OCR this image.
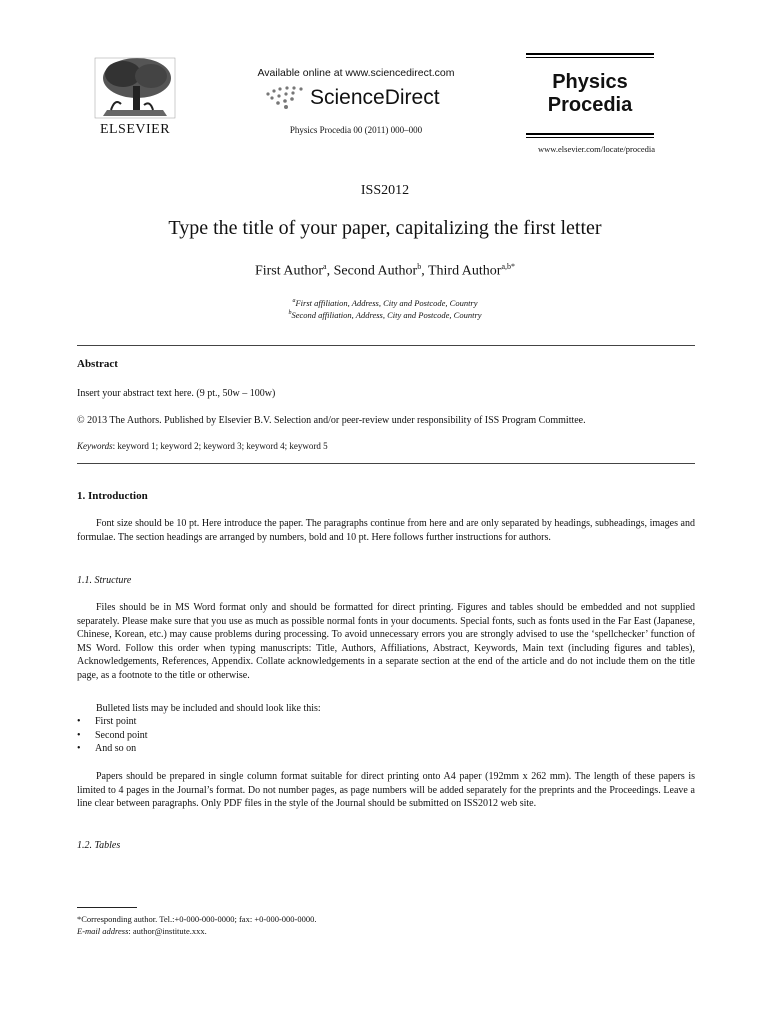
ELSEVIER
Available online at www.sciencedirect.com
ScienceDirect
Physics Procedia 00 (2011) 000–000
Physics
Procedia
www.elsevier.com/locate/procedia
ISS2012
Type the title of your paper, capitalizing the first letter
First Author$^a$, Second Author$^b$, Third Author$^{a,b*}$
$^a$First affiliation, Address, City and Postcode, Country
$^b$Second affiliation, Address, City and Postcode, Country
Abstract
Insert your abstract text here. (9 pt., 50w – 100w)
© 2013 The Authors. Published by Elsevier B.V. Selection and/or peer-review under responsibility of ISS Program Committee.
Keywords: keyword 1; keyword 2; keyword 3; keyword 4; keyword 5
1. Introduction
Font size should be 10 pt. Here introduce the paper. The paragraphs continue from here and are only separated by headings, subheadings, images and formulae. The section headings are arranged by numbers, bold and 10 pt. Here follows further instructions for authors.
1.1. Structure
Files should be in MS Word format only and should be formatted for direct printing. Figures and tables should be embedded and not supplied separately. Please make sure that you use as much as possible normal fonts in your documents. Special fonts, such as fonts used in the Far East (Japanese, Chinese, Korean, etc.) may cause problems during processing. To avoid unnecessary errors you are strongly advised to use the ‘spellchecker’ function of MS Word. Follow this order when typing manuscripts: Title, Authors, Affiliations, Abstract, Keywords, Main text (including figures and tables), Acknowledgements, References, Appendix. Collate acknowledgements in a separate section at the end of the article and do not include them on the title page, as a footnote to the title or otherwise.
Bulleted lists may be included and should look like this:
• First point
• Second point
• And so on
Papers should be prepared in single column format suitable for direct printing onto A4 paper (192mm x 262 mm). The length of these papers is limited to 4 pages in the Journal’s format. Do not number pages, as page numbers will be added separately for the preprints and the Proceedings. Leave a line clear between paragraphs. Only PDF files in the style of the Journal should be submitted on ISS2012 web site.
1.2. Tables
*Corresponding author. Tel.:+0-000-000-0000; fax: +0-000-000-0000.
E-mail address: author@institute.xxx.
